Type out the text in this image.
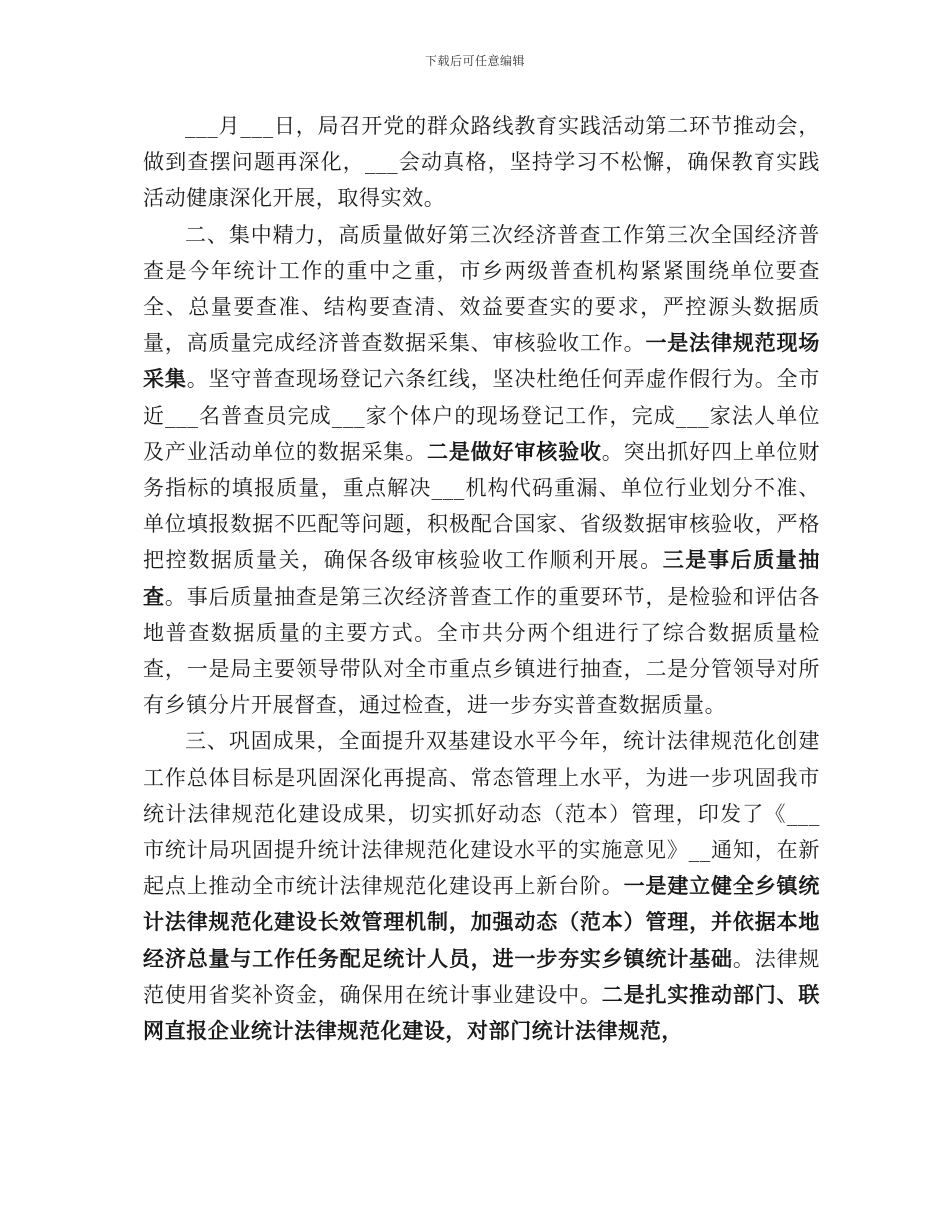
下载后可任意编辑

___月___日，局召开党的群众路线教育实践活动第二环节推动会，做到查摆问题再深化，___会动真格，坚持学习不松懈，确保教育实践活动健康深化开展，取得实效。

二、集中精力，高质量做好第三次经济普查工作第三次全国经济普查是今年统计工作的重中之重，市乡两级普查机构紧紧围绕单位要查全、总量要查准、结构要查清、效益要查实的要求，严控源头数据质量，高质量完成经济普查数据采集、审核验收工作。一是法律规范现场采集。坚守普查现场登记六条红线，坚决杜绝任何弄虚作假行为。全市近___名普查员完成___家个体户的现场登记工作，完成___家法人单位及产业活动单位的数据采集。二是做好审核验收。突出抓好四上单位财务指标的填报质量，重点解决___机构代码重漏、单位行业划分不准、单位填报数据不匹配等问题，积极配合国家、省级数据审核验收，严格把控数据质量关，确保各级审核验收工作顺利开展。三是事后质量抽查。事后质量抽查是第三次经济普查工作的重要环节，是检验和评估各地普查数据质量的主要方式。全市共分两个组进行了综合数据质量检查，一是局主要领导带队对全市重点乡镇进行抽查，二是分管领导对所有乡镇分片开展督查，通过检查，进一步夯实普查数据质量。

三、巩固成果，全面提升双基建设水平今年，统计法律规范化创建工作总体目标是巩固深化再提高、常态管理上水平，为进一步巩固我市统计法律规范化建设成果，切实抓好动态（范本）管理，印发了《___市统计局巩固提升统计法律规范化建设水平的实施意见》__通知，在新起点上推动全市统计法律规范化建设再上新台阶。一是建立健全乡镇统计法律规范化建设长效管理机制，加强动态（范本）管理，并依据本地经济总量与工作任务配足统计人员，进一步夯实乡镇统计基础。法律规范使用省奖补资金，确保用在统计事业建设中。二是扎实推动部门、联网直报企业统计法律规范化建设，对部门统计法律规范，
